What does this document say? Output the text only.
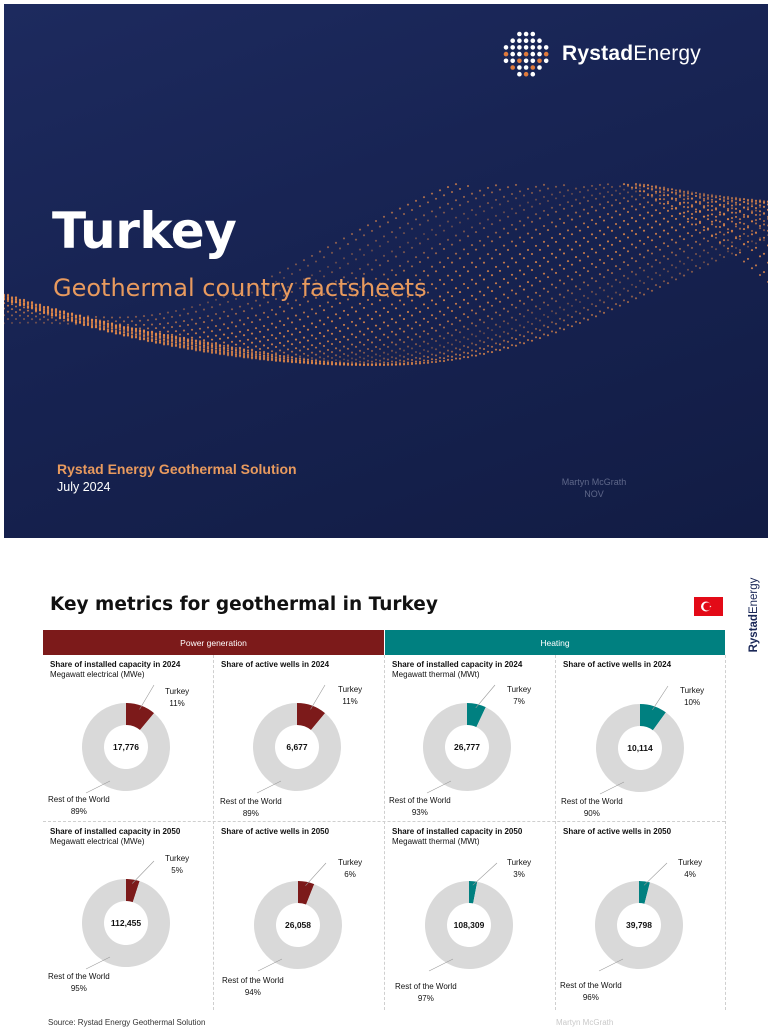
RystadEnergy
Turkey
Geothermal country factsheets
Rystad Energy Geothermal Solution
July 2024	Martyn McGrath
NOV
Key metrics for geothermal in Turkey
RystadEnergy
Power generation	Heating
Share of installed capacity in 2024
Megawatt electrical (MWe)
Turkey
11%
Rest of the World
89%
17,776
Share of active wells in 2024
Turkey
11%
Rest of the World
89%
6,677
Share of installed capacity in 2024
Megawatt thermal (MWt)
Turkey
7%
Rest of the World
93%
26,777
Share of active wells in 2024
Turkey
10%
Rest of the World
90%
10,114
Share of installed capacity in 2050
Megawatt electrical (MWe)
Turkey
5%
Rest of the World
95%
112,455
Share of active wells in 2050
Turkey
6%
Rest of the World
94%
26,058
Share of installed capacity in 2050
Megawatt thermal (MWt)
Turkey
3%
Rest of the World
97%
108,309
Share of active wells in 2050
Turkey
4%
Rest of the World
96%
39,798
Source: Rystad Energy Geothermal Solution	Martyn McGrath
